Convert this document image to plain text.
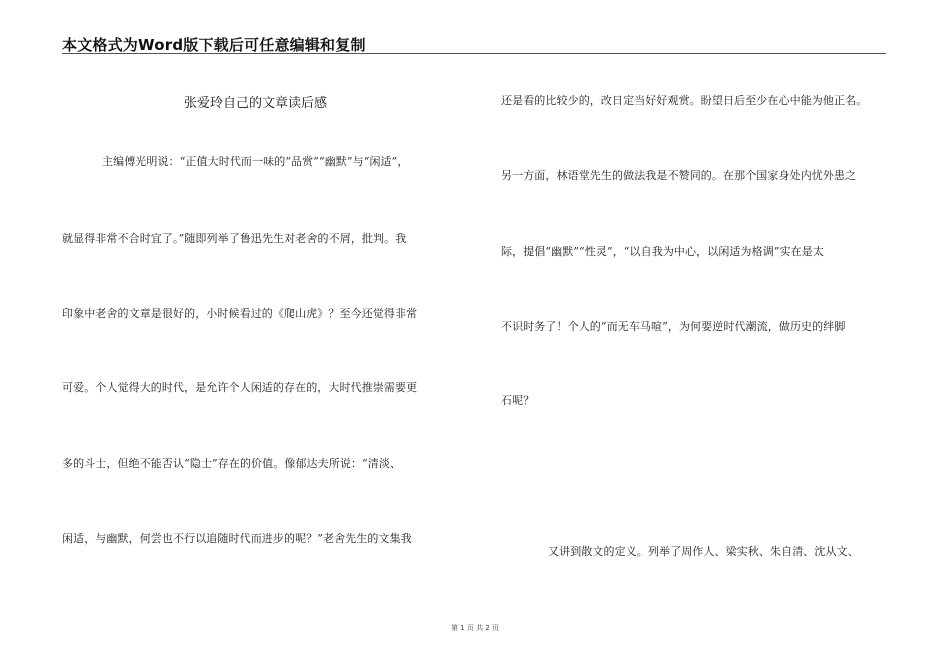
本文格式为Word版下载后可任意编辑和复制
张爱玲自己的文章读后感
主编傅光明说：“正值大时代而一味的“品赏”“幽默”与“闲适”，
就显得非常不合时宜了。”随即列举了鲁迅先生对老舍的不屑，批判。我
印象中老舍的文章是很好的，小时候看过的《爬山虎》？至今还觉得非常
可爱。个人觉得大的时代，是允许个人闲适的存在的，大时代推崇需要更
多的斗士，但绝不能否认“隐士”存在的价值。像郁达夫所说：“清淡、
闲适，与幽默，何尝也不行以追随时代而进步的呢？”老舍先生的文集我
还是看的比较少的，改日定当好好观赏。盼望日后至少在心中能为他正名。
另一方面，林语堂先生的做法我是不赞同的。在那个国家身处内忧外患之
际，提倡“幽默”“性灵”，“以自我为中心，以闲适为格调”实在是太
不识时务了！个人的“而无车马喧”，为何要逆时代潮流，做历史的绊脚
石呢？
又讲到散文的定义。列举了周作人、梁实秋、朱自清、沈从文、
第 1 页 共 2 页
